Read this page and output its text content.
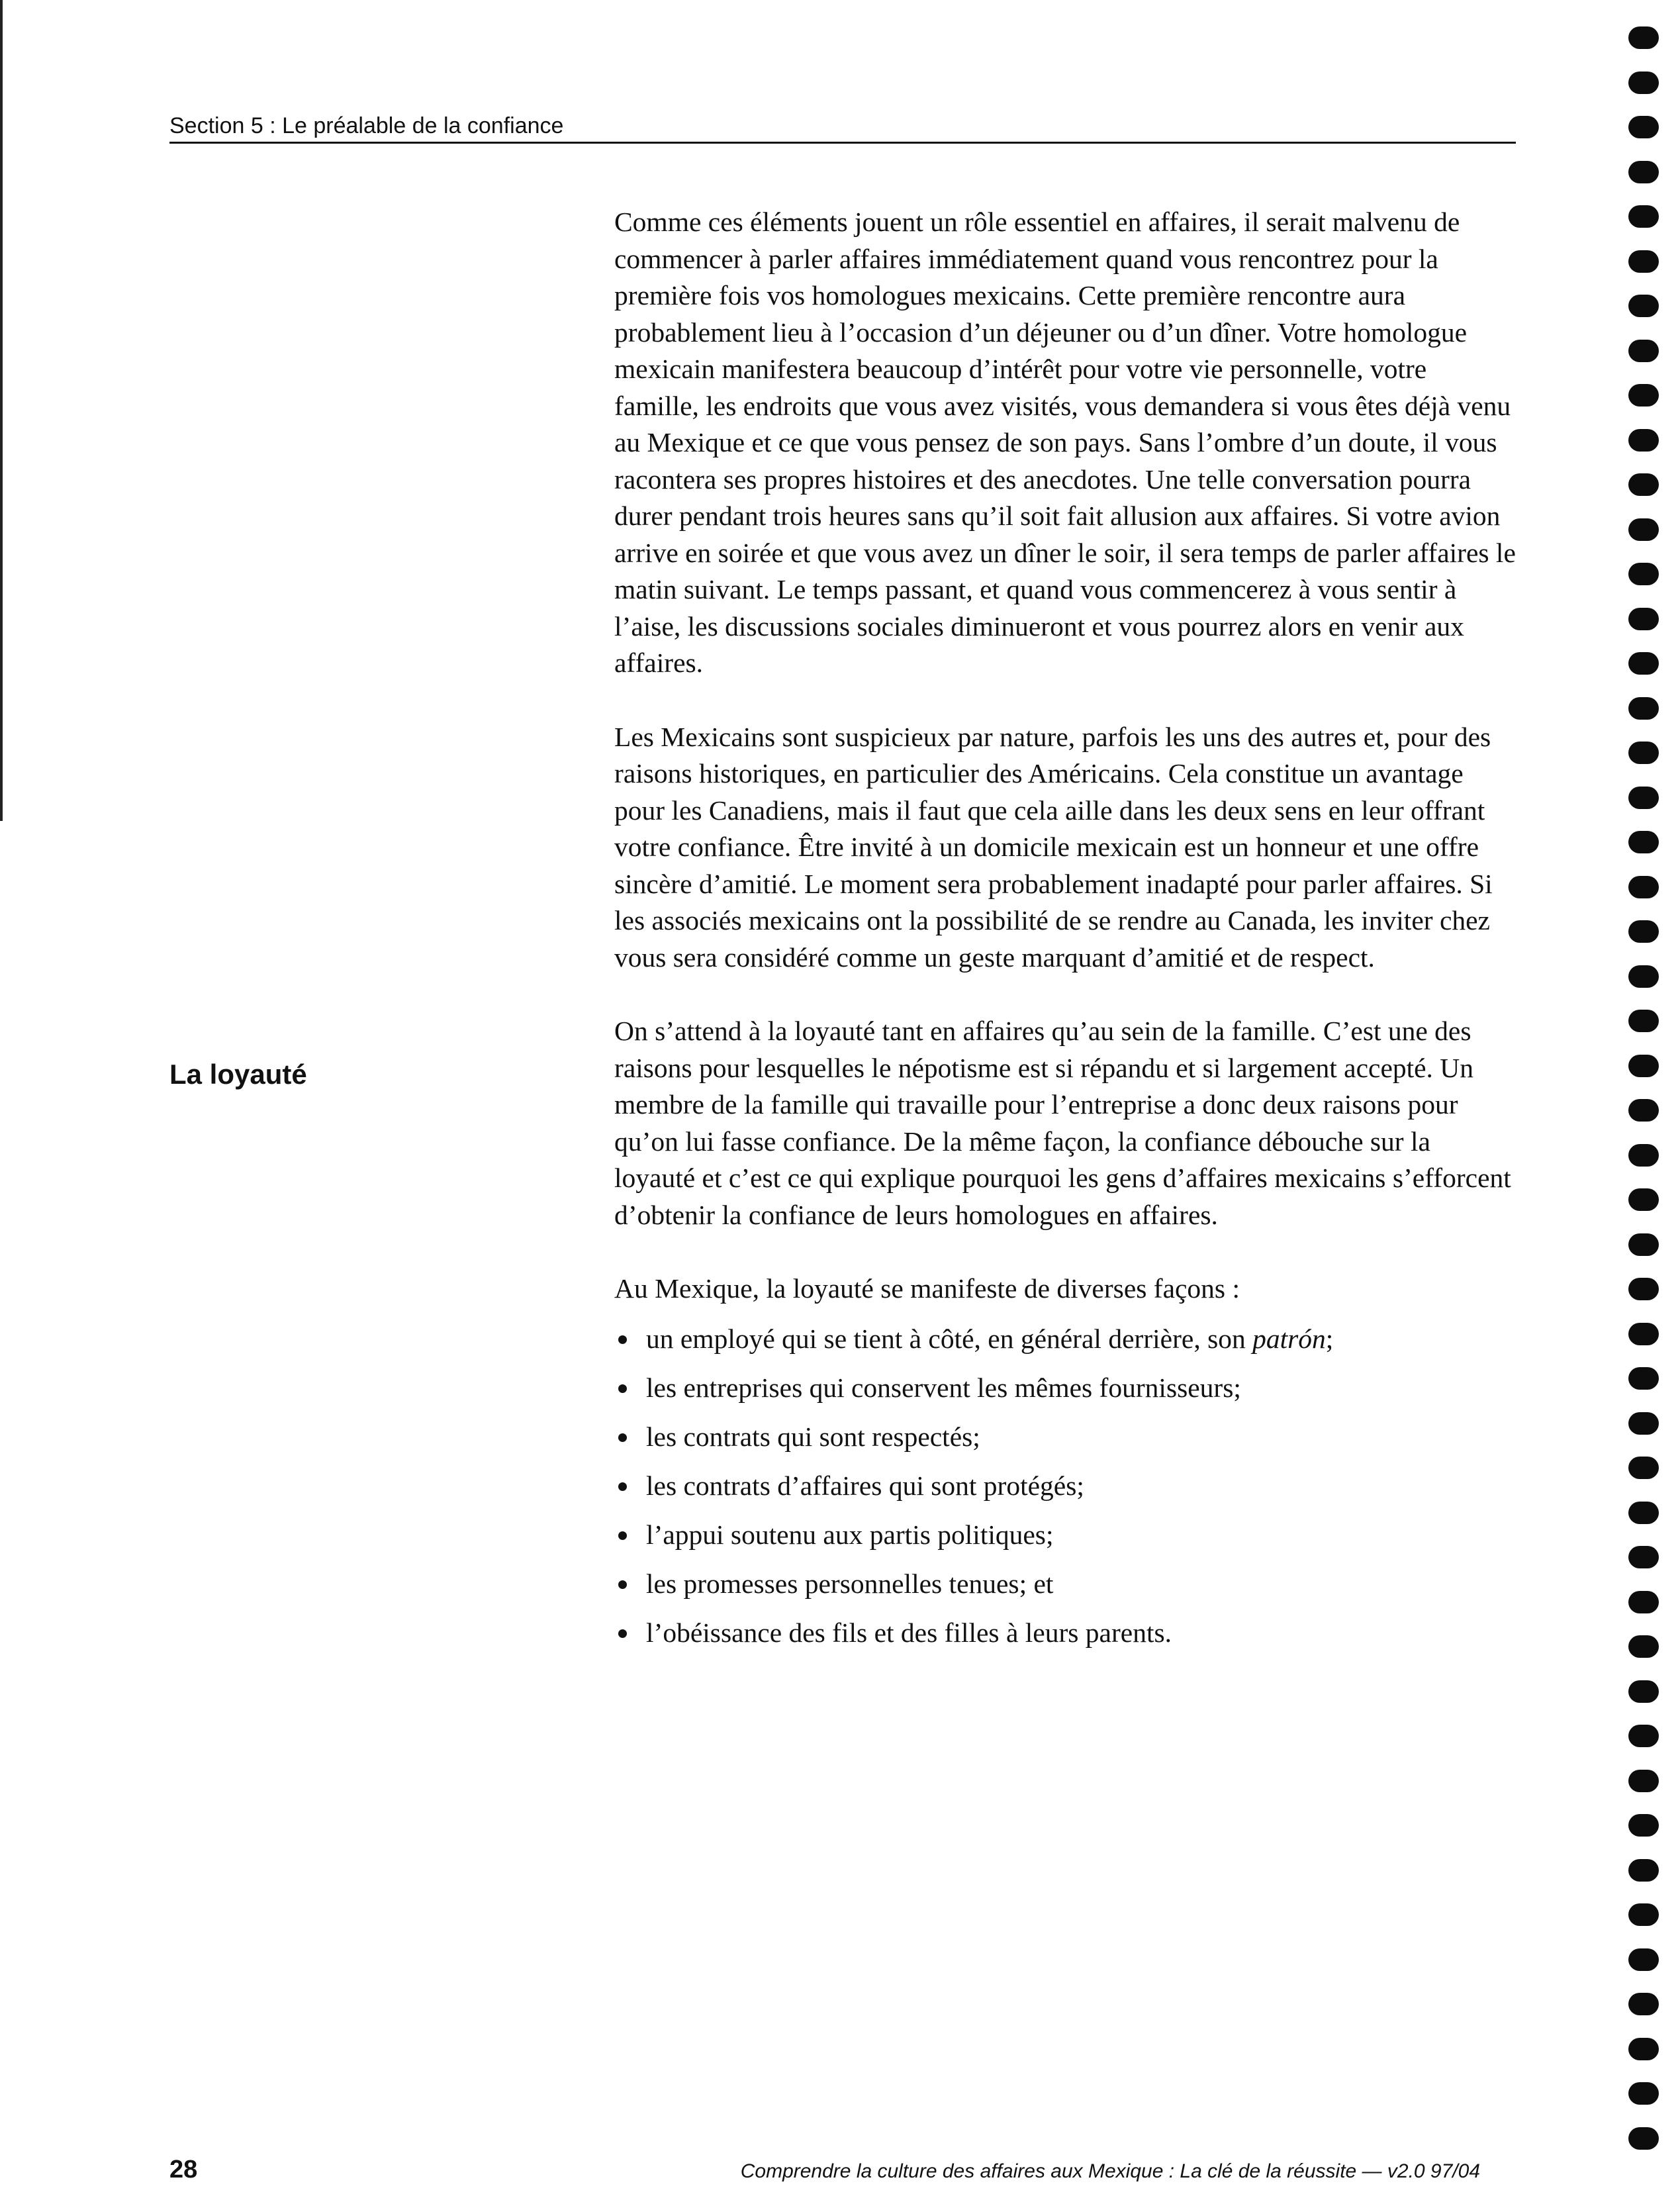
Section 5 : Le préalable de la confiance
La loyauté

Comme ces éléments jouent un rôle essentiel en affaires, il serait malvenu de commencer à parler affaires immédiatement quand vous rencontrez pour la première fois vos homologues mexicains. Cette première rencontre aura probablement lieu à l’occasion d’un déjeuner ou d’un dîner. Votre homologue mexicain manifestera beaucoup d’intérêt pour votre vie personnelle, votre famille, les endroits que vous avez visités, vous demandera si vous êtes déjà venu au Mexique et ce que vous pensez de son pays. Sans l’ombre d’un doute, il vous racontera ses propres histoires et des anecdotes. Une telle conversation pourra durer pendant trois heures sans qu’il soit fait allusion aux affaires. Si votre avion arrive en soirée et que vous avez un dîner le soir, il sera temps de parler affaires le matin suivant. Le temps passant, et quand vous commencerez à vous sentir à l’aise, les discussions sociales diminueront et vous pourrez alors en venir aux affaires.

Les Mexicains sont suspicieux par nature, parfois les uns des autres et, pour des raisons historiques, en particulier des Américains. Cela constitue un avantage pour les Canadiens, mais il faut que cela aille dans les deux sens en leur offrant votre confiance. Être invité à un domicile mexicain est un honneur et une offre sincère d’amitié. Le moment sera probablement inadapté pour parler affaires. Si les associés mexicains ont la possibilité de se rendre au Canada, les inviter chez vous sera considéré comme un geste marquant d’amitié et de respect.

On s’attend à la loyauté tant en affaires qu’au sein de la famille. C’est une des raisons pour lesquelles le népotisme est si répandu et si largement accepté. Un membre de la famille qui travaille pour l’entreprise a donc deux raisons pour qu’on lui fasse confiance. De la même façon, la confiance débouche sur la loyauté et c’est ce qui explique pourquoi les gens d’affaires mexicains s’efforcent d’obtenir la confiance de leurs homologues en affaires.

Au Mexique, la loyauté se manifeste de diverses façons :

un employé qui se tient à côté, en général derrière, son patrón;
les entreprises qui conservent les mêmes fournisseurs;
les contrats qui sont respectés;
les contrats d’affaires qui sont protégés;
l’appui soutenu aux partis politiques;
les promesses personnelles tenues; et
l’obéissance des fils et des filles à leurs parents.
28	Comprendre la culture des affaires aux Mexique : La clé de la réussite — v2.0 97/04
